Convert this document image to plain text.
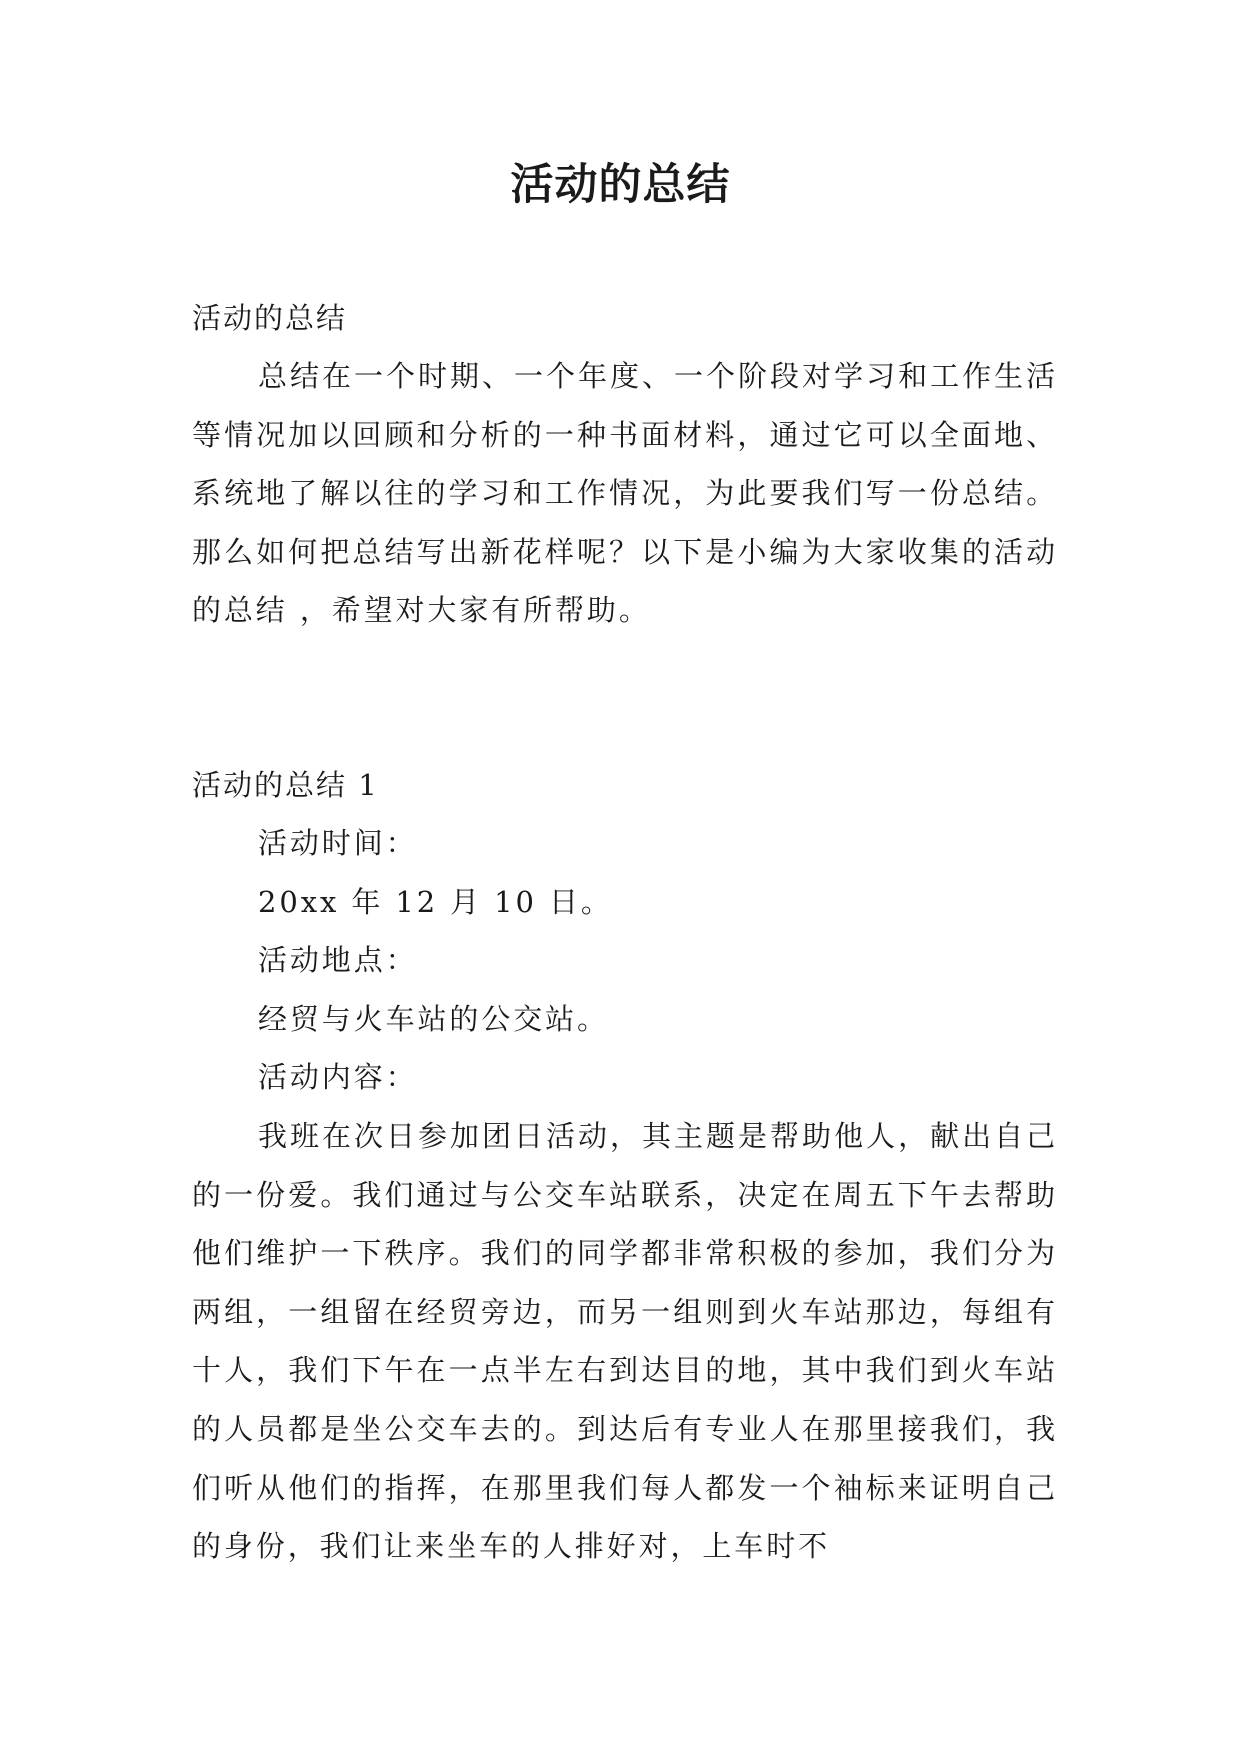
活动的总结
活动的总结

总结在一个时期、一个年度、一个阶段对学习和工作生活等情况加以回顾和分析的一种书面材料，通过它可以全面地、系统地了解以往的学习和工作情况，为此要我们写一份总结。那么如何把总结写出新花样呢？以下是小编为大家收集的活动的总结 ，希望对大家有所帮助。

活动的总结 1
活动时间：
20xx 年 12 月 10 日。
活动地点：
经贸与火车站的公交站。
活动内容：

我班在次日参加团日活动，其主题是帮助他人，献出自己的一份爱。我们通过与公交车站联系，决定在周五下午去帮助他们维护一下秩序。我们的同学都非常积极的参加，我们分为两组，一组留在经贸旁边，而另一组则到火车站那边，每组有十人，我们下午在一点半左右到达目的地，其中我们到火车站的人员都是坐公交车去的。到达后有专业人在那里接我们，我们听从他们的指挥，在那里我们每人都发一个袖标来证明自己的身份，我们让来坐车的人排好对，上车时不
